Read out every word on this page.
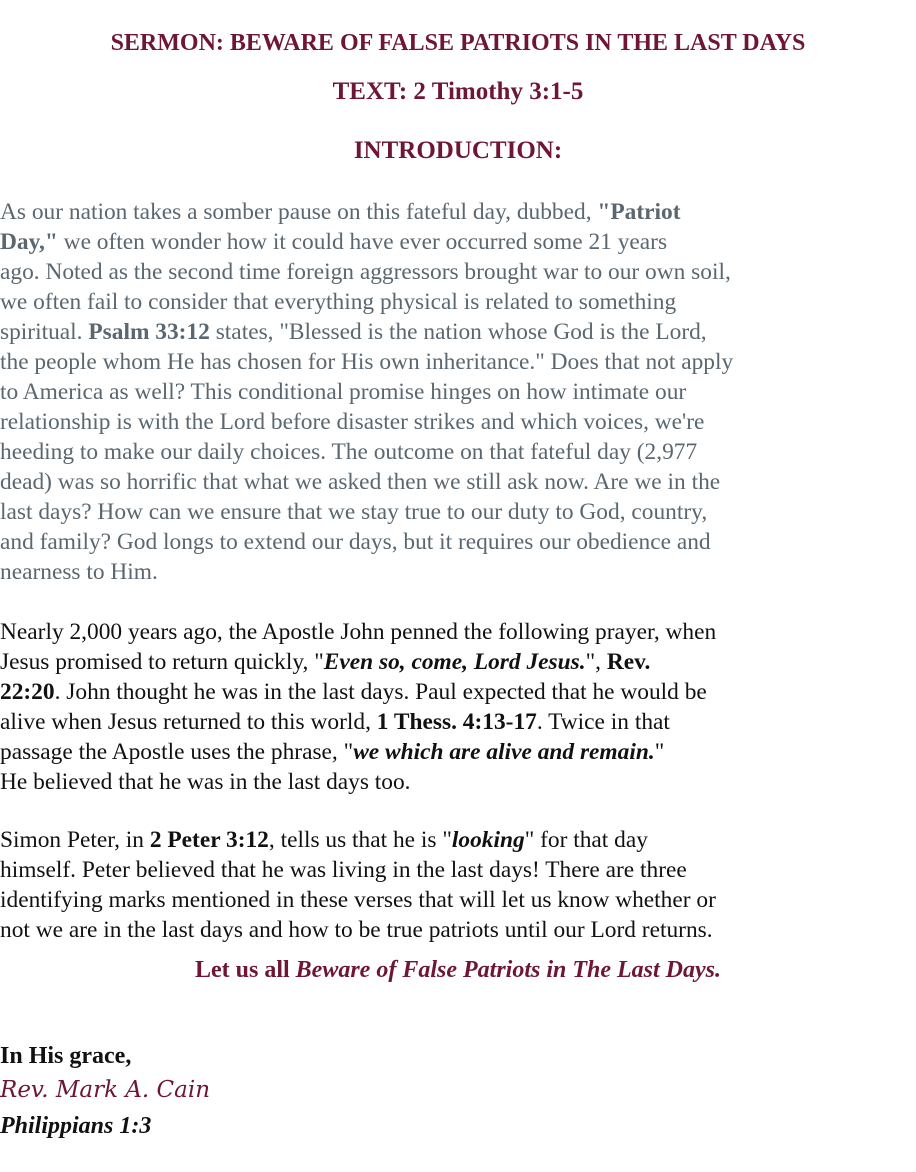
SERMON: BEWARE OF FALSE PATRIOTS IN THE LAST DAYS
TEXT: 2 Timothy 3:1-5
INTRODUCTION:

As our nation takes a somber pause on this fateful day, dubbed, "Patriot
Day," we often wonder how it could have ever occurred some 21 years
ago. Noted as the second time foreign aggressors brought war to our own soil,
we often fail to consider that everything physical is related to something
spiritual. Psalm 33:12 states, "Blessed is the nation whose God is the Lord,
the people whom He has chosen for His own inheritance." Does that not apply
to America as well? This conditional promise hinges on how intimate our
relationship is with the Lord before disaster strikes and which voices, we're
heeding to make our daily choices. The outcome on that fateful day (2,977
dead) was so horrific that what we asked then we still ask now. Are we in the
last days? How can we ensure that we stay true to our duty to God, country,
and family? God longs to extend our days, but it requires our obedience and
nearness to Him.

Nearly 2,000 years ago, the Apostle John penned the following prayer, when
Jesus promised to return quickly, "Even so, come, Lord Jesus.", Rev.
22:20. John thought he was in the last days. Paul expected that he would be
alive when Jesus returned to this world, 1 Thess. 4:13-17. Twice in that
passage the Apostle uses the phrase, "we which are alive and remain."
He believed that he was in the last days too.

Simon Peter, in 2 Peter 3:12, tells us that he is "looking" for that day
himself. Peter believed that he was living in the last days! There are three
identifying marks mentioned in these verses that will let us know whether or
not we are in the last days and how to be true patriots until our Lord returns.

Let us all Beware of False Patriots in The Last Days.
In His grace,
Rev. Mark A. Cain
Philippians 1:3
